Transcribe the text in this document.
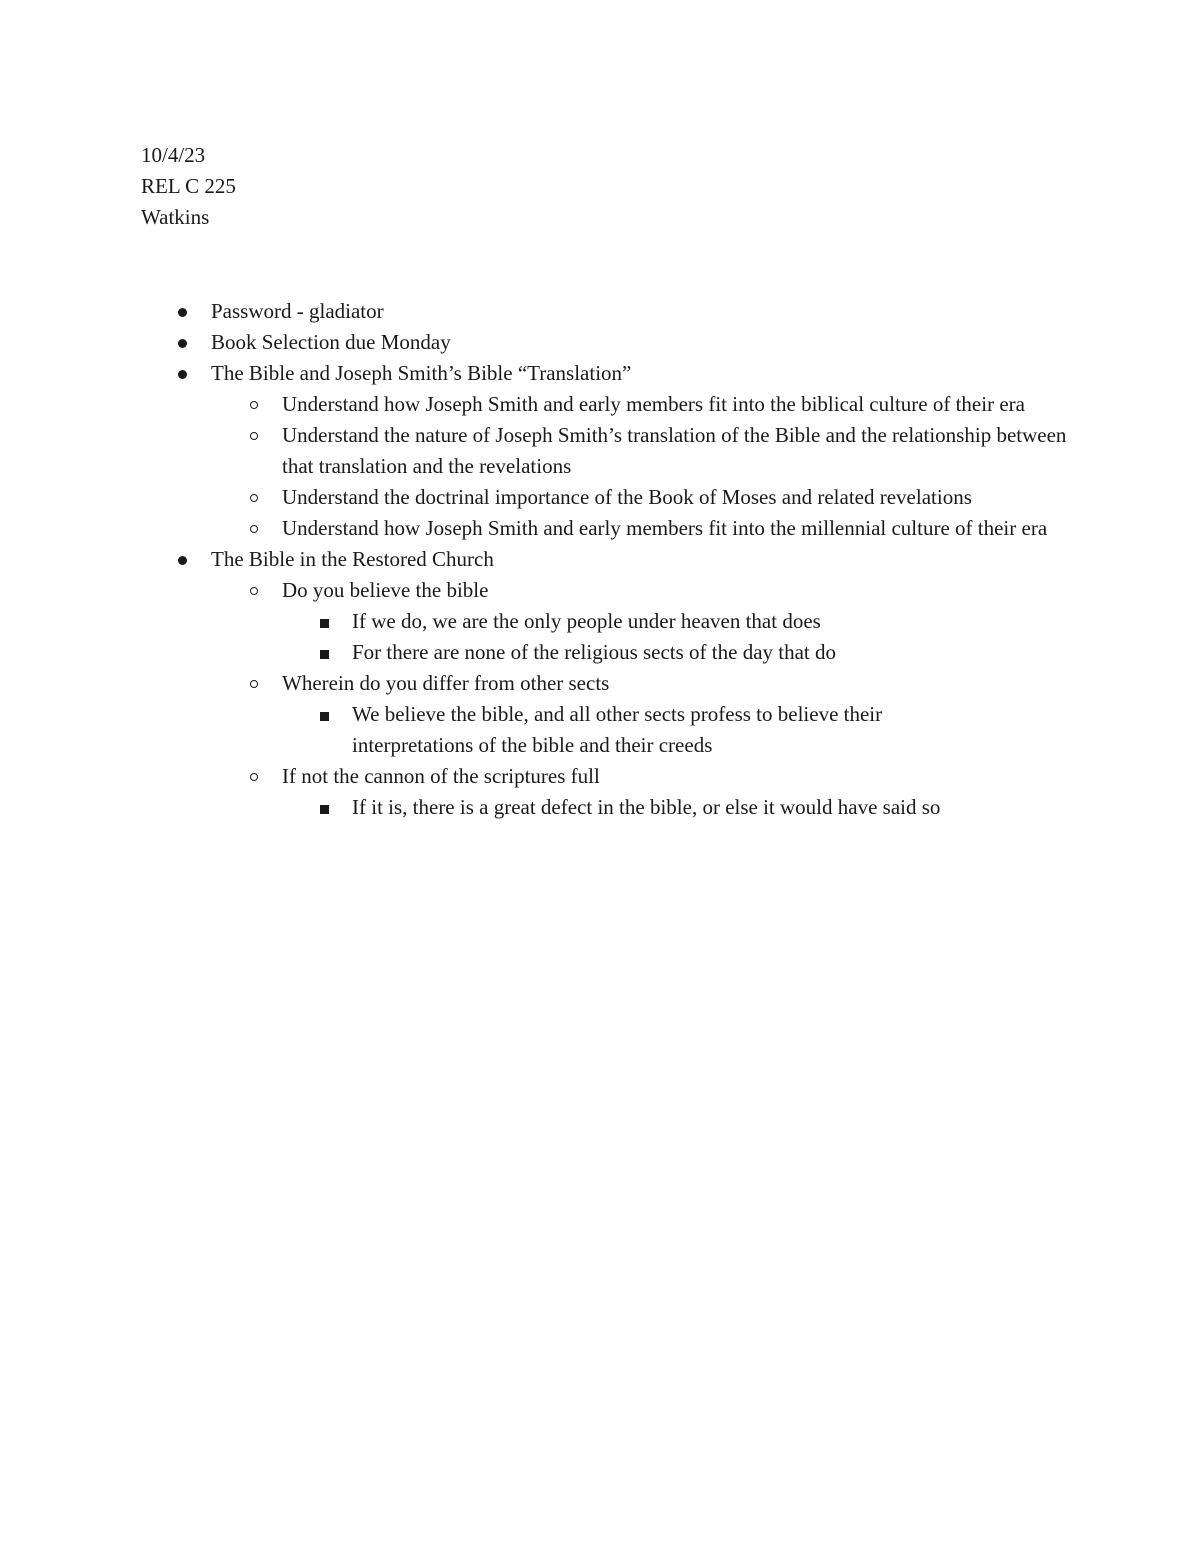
10/4/23
REL C 225
Watkins
Password - gladiator
Book Selection due Monday
The Bible and Joseph Smith’s Bible “Translation”
Understand how Joseph Smith and early members fit into the biblical culture of their era
Understand the nature of Joseph Smith’s translation of the Bible and the relationship between that translation and the revelations
Understand the doctrinal importance of the Book of Moses and related revelations
Understand how Joseph Smith and early members fit into the millennial culture of their era
The Bible in the Restored Church
Do you believe the bible
If we do, we are the only people under heaven that does
For there are none of the religious sects of the day that do
Wherein do you differ from other sects
We believe the bible, and all other sects profess to believe their interpretations of the bible and their creeds
If not the cannon of the scriptures full
If it is, there is a great defect in the bible, or else it would have said so
